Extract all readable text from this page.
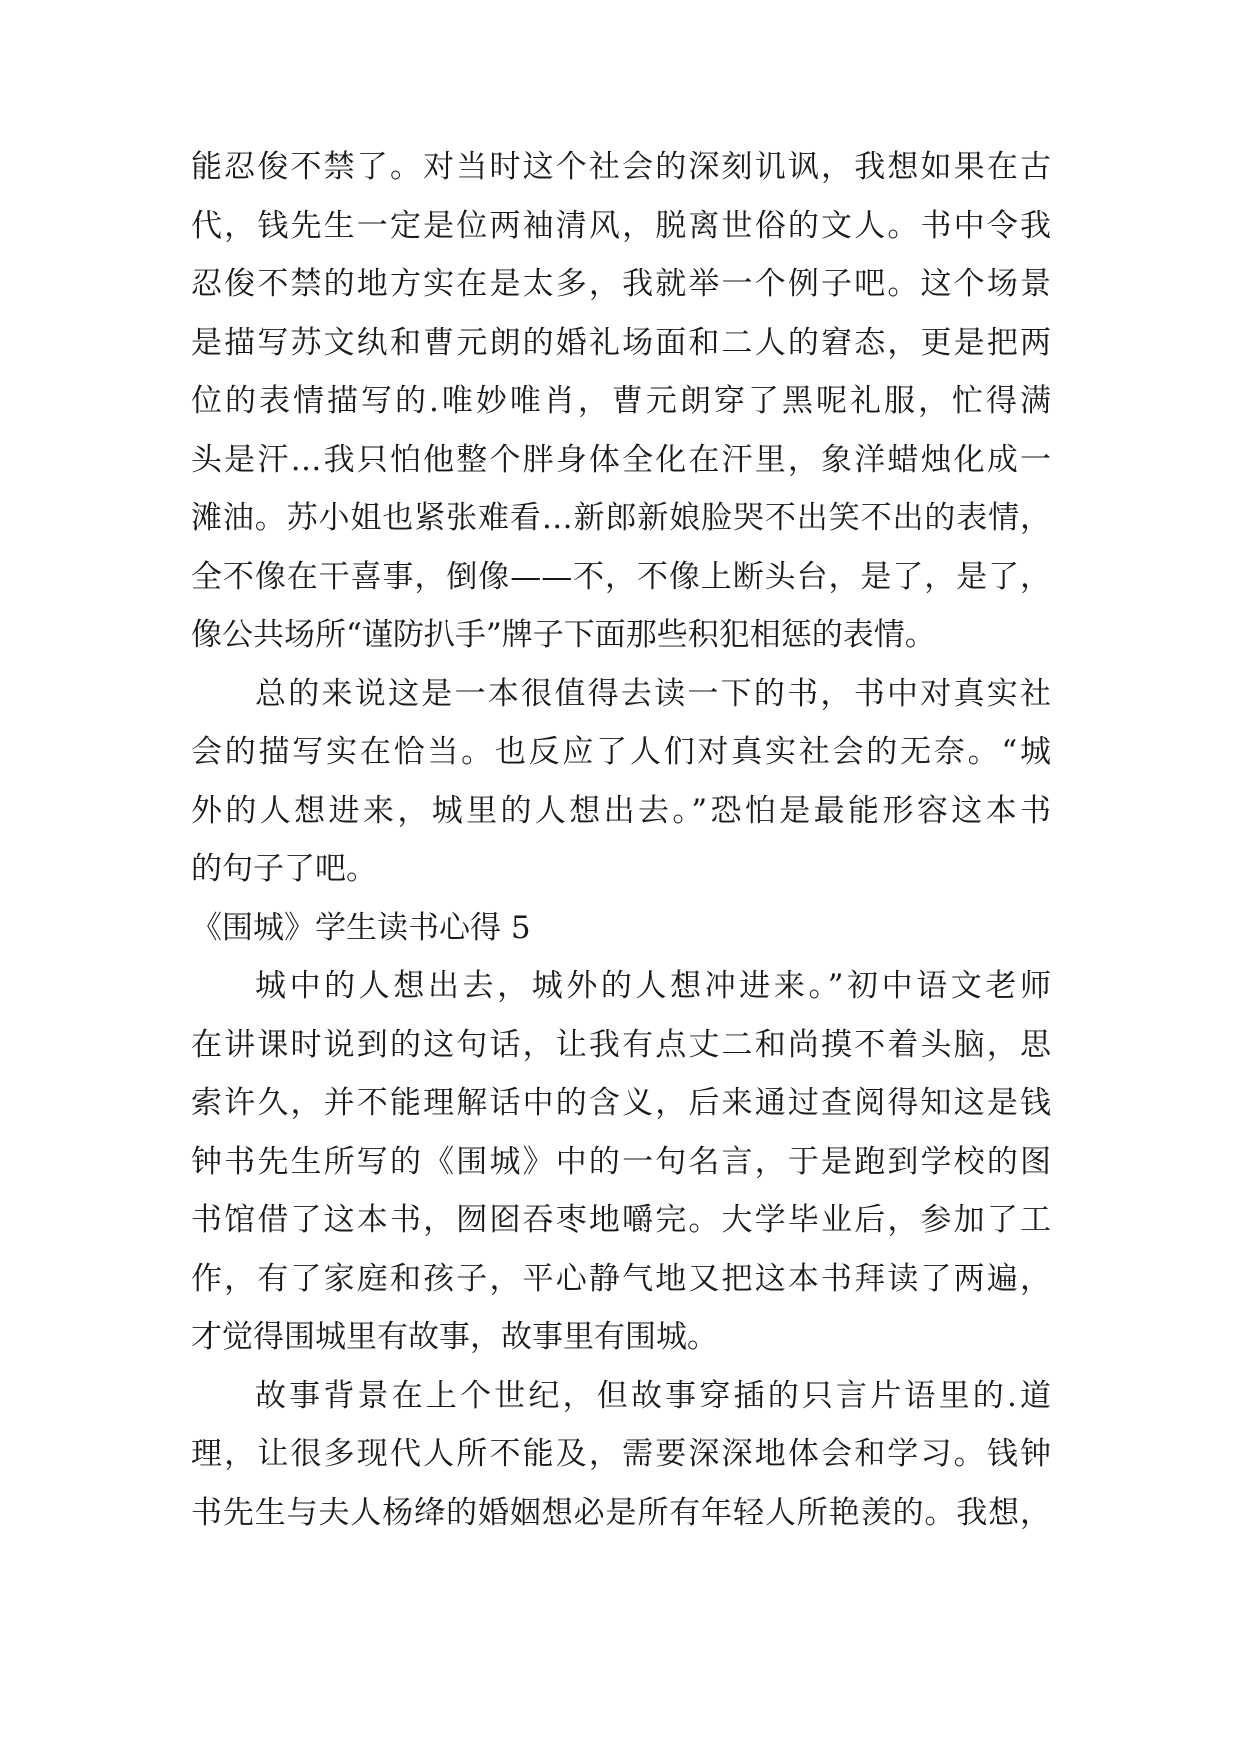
能忍俊不禁了。对当时这个社会的深刻讥讽，我想如果在古
代，钱先生一定是位两袖清风，脱离世俗的文人。书中令我
忍俊不禁的地方实在是太多，我就举一个例子吧。这个场景
是描写苏文纨和曹元朗的婚礼场面和二人的窘态，更是把两
位的表情描写的.唯妙唯肖，曹元朗穿了黑呢礼服，忙得满
头是汗…我只怕他整个胖身体全化在汗里，象洋蜡烛化成一
滩油。苏小姐也紧张难看…新郎新娘脸哭不出笑不出的表情，
全不像在干喜事，倒像——不，不像上断头台，是了，是了，
像公共场所“谨防扒手”牌子下面那些积犯相惩的表情。
总的来说这是一本很值得去读一下的书，书中对真实社
会的描写实在恰当。也反应了人们对真实社会的无奈。“城
外的人想进来，城里的人想出去。”恐怕是最能形容这本书
的句子了吧。
《围城》学生读书心得 5
城中的人想出去，城外的人想冲进来。”初中语文老师
在讲课时说到的这句话，让我有点丈二和尚摸不着头脑，思
索许久，并不能理解话中的含义，后来通过查阅得知这是钱
钟书先生所写的《围城》中的一句名言，于是跑到学校的图
书馆借了这本书，囫囵吞枣地嚼完。大学毕业后，参加了工
作，有了家庭和孩子，平心静气地又把这本书拜读了两遍，
才觉得围城里有故事，故事里有围城。
故事背景在上个世纪，但故事穿插的只言片语里的.道
理，让很多现代人所不能及，需要深深地体会和学习。钱钟
书先生与夫人杨绛的婚姻想必是所有年轻人所艳羡的。我想，
